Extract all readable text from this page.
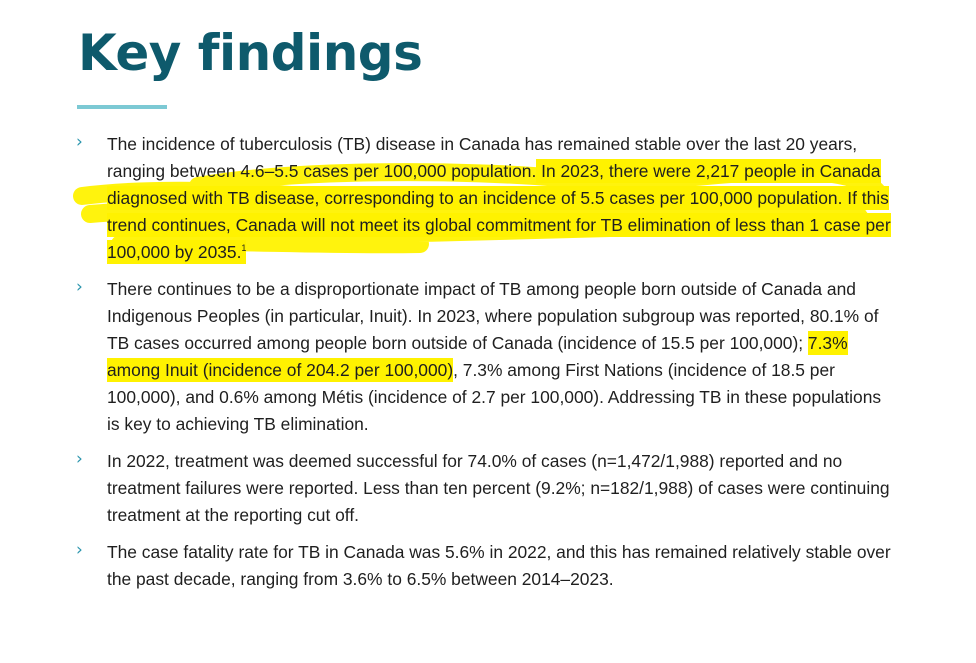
Key findings
› The incidence of tuberculosis (TB) disease in Canada has remained stable over the last 20 years, ranging between 4.6–5.5 cases per 100,000 population. In 2023, there were 2,217 people in Canada diagnosed with TB disease, corresponding to an incidence of 5.5 cases per 100,000 population. If this trend continues, Canada will not meet its global commitment for TB elimination of less than 1 case per 100,000 by 2035.$^1$
› There continues to be a disproportionate impact of TB among people born outside of Canada and Indigenous Peoples (in particular, Inuit). In 2023, where population subgroup was reported, 80.1% of TB cases occurred among people born outside of Canada (incidence of 15.5 per 100,000); 7.3% among Inuit (incidence of 204.2 per 100,000), 7.3% among First Nations (incidence of 18.5 per 100,000), and 0.6% among Métis (incidence of 2.7 per 100,000). Addressing TB in these populations is key to achieving TB elimination.
› In 2022, treatment was deemed successful for 74.0% of cases (n=1,472/1,988) reported and no treatment failures were reported. Less than ten percent (9.2%; n=182/1,988) of cases were continuing treatment at the reporting cut off.
› The case fatality rate for TB in Canada was 5.6% in 2022, and this has remained relatively stable over the past decade, ranging from 3.6% to 6.5% between 2014–2023.
